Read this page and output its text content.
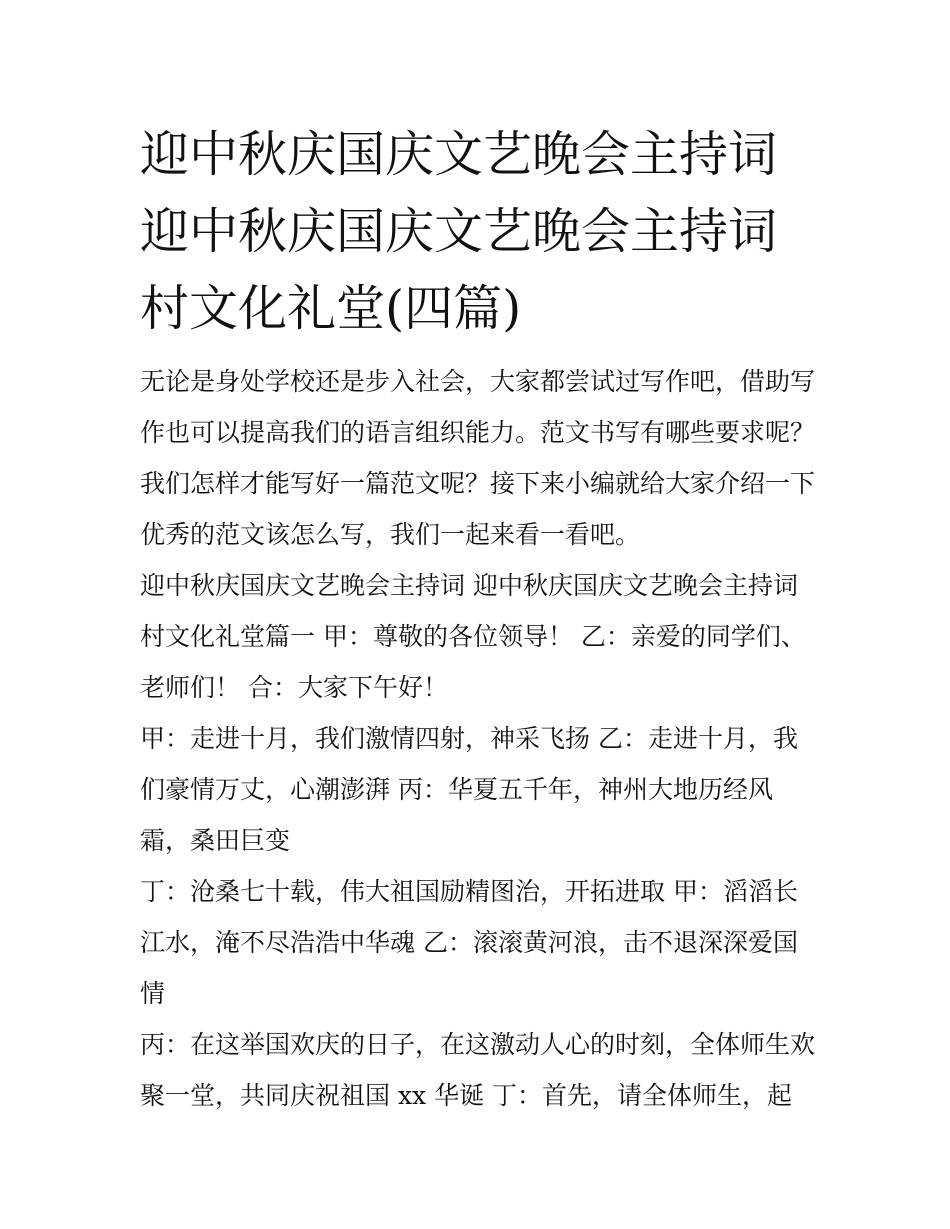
迎中秋庆国庆文艺晚会主持词
迎中秋庆国庆文艺晚会主持词
村文化礼堂(四篇)
无论是身处学校还是步入社会，大家都尝试过写作吧，借助写
作也可以提高我们的语言组织能力。范文书写有哪些要求呢？
我们怎样才能写好一篇范文呢？接下来小编就给大家介绍一下
优秀的范文该怎么写，我们一起来看一看吧。
迎中秋庆国庆文艺晚会主持词 迎中秋庆国庆文艺晚会主持词
村文化礼堂篇一 甲：尊敬的各位领导！ 乙：亲爱的同学们、
老师们！ 合：大家下午好！
甲：走进十月，我们激情四射，神采飞扬 乙：走进十月，我
们豪情万丈，心潮澎湃 丙：华夏五千年，神州大地历经风
霜，桑田巨变
丁：沧桑七十载，伟大祖国励精图治，开拓进取 甲：滔滔长
江水，淹不尽浩浩中华魂 乙：滚滚黄河浪，击不退深深爱国
情
丙：在这举国欢庆的日子，在这激动人心的时刻，全体师生欢
聚一堂，共同庆祝祖国 xx 华诞 丁：首先，请全体师生，起
